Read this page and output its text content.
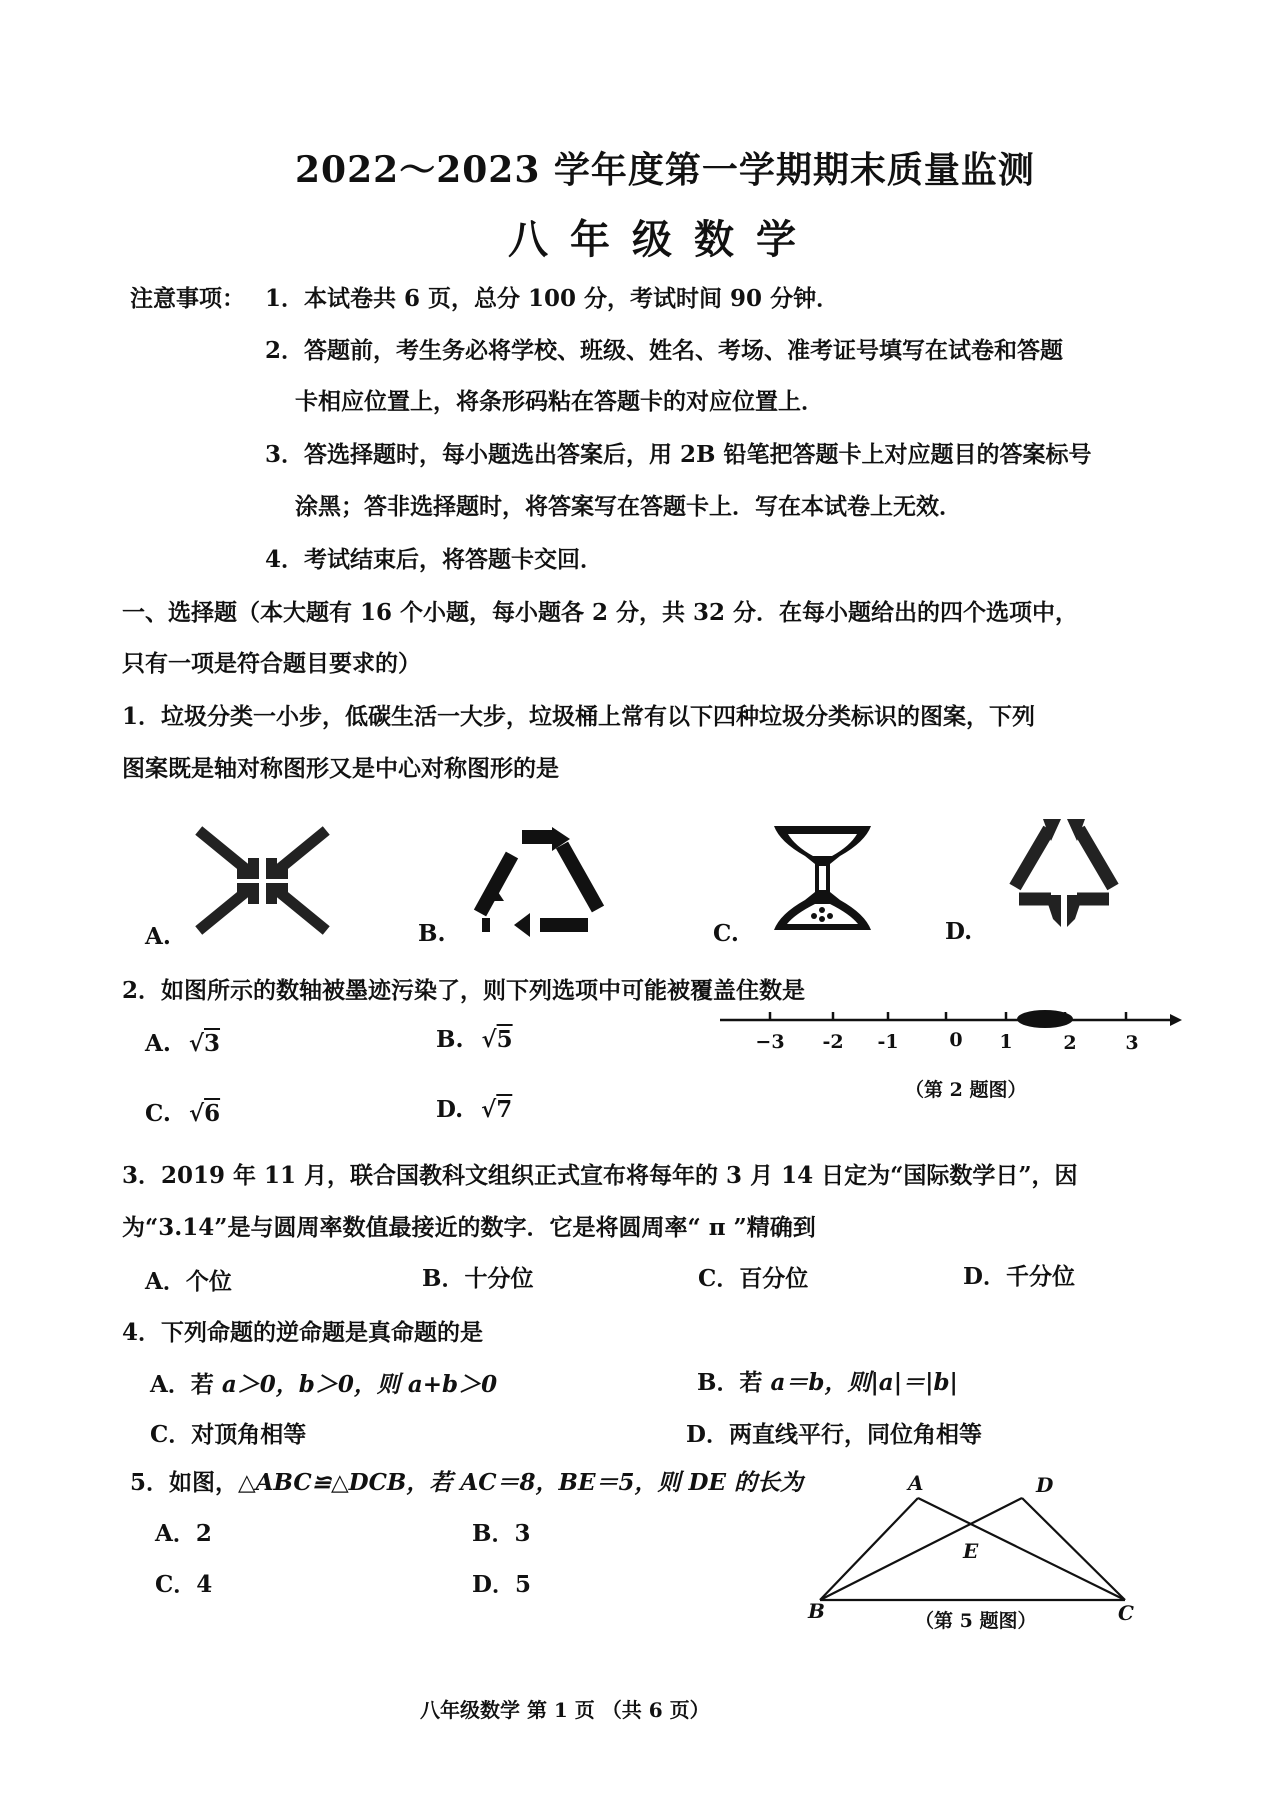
2022～2023 学年度第一学期期末质量监测
八年级数学
注意事项： 1．本试卷共 6 页，总分 100 分，考试时间 90 分钟．
2．答题前，考生务必将学校、班级、姓名、考场、准考证号填写在试卷和答题
卡相应位置上，将条形码粘在答题卡的对应位置上．
3．答选择题时，每小题选出答案后，用 2B 铅笔把答题卡上对应题目的答案标号
涂黑；答非选择题时，将答案写在答题卡上．写在本试卷上无效．
4．考试结束后，将答题卡交回．
一、选择题（本大题有 16 个小题，每小题各 2 分，共 32 分．在每小题给出的四个选项中，
只有一项是符合题目要求的）
1．垃圾分类一小步，低碳生活一大步，垃圾桶上常有以下四种垃圾分类标识的图案，下列
图案既是轴对称图形又是中心对称图形的是
A.	B.	C.	D.
2．如图所示的数轴被墨迹污染了，则下列选项中可能被覆盖住数是
A. √3	B. √5
C. √6	D. √7
−3 -2 -1	0 1	2	3
（第 2 题图）
3．2019 年 11 月，联合国教科文组织正式宣布将每年的 3 月 14 日定为“国际数学日”，因
为“3.14”是与圆周率数值最接近的数字．它是将圆周率“ π ”精确到
A．个位	B．十分位	C．百分位	D．千分位
4．下列命题的逆命题是真命题的是
A．若 a＞0，b＞0，则 a+b＞0	B．若 a＝b，则|a|＝|b|
C．对顶角相等	D．两直线平行，同位角相等
5．如图，△ABC≌△DCB，若 AC＝8，BE＝5，则 DE 的长为
A．2	B．3
C．4	D．5
A	D
E
B	C
（第 5 题图）
八年级数学 第 1 页 （共 6 页）
